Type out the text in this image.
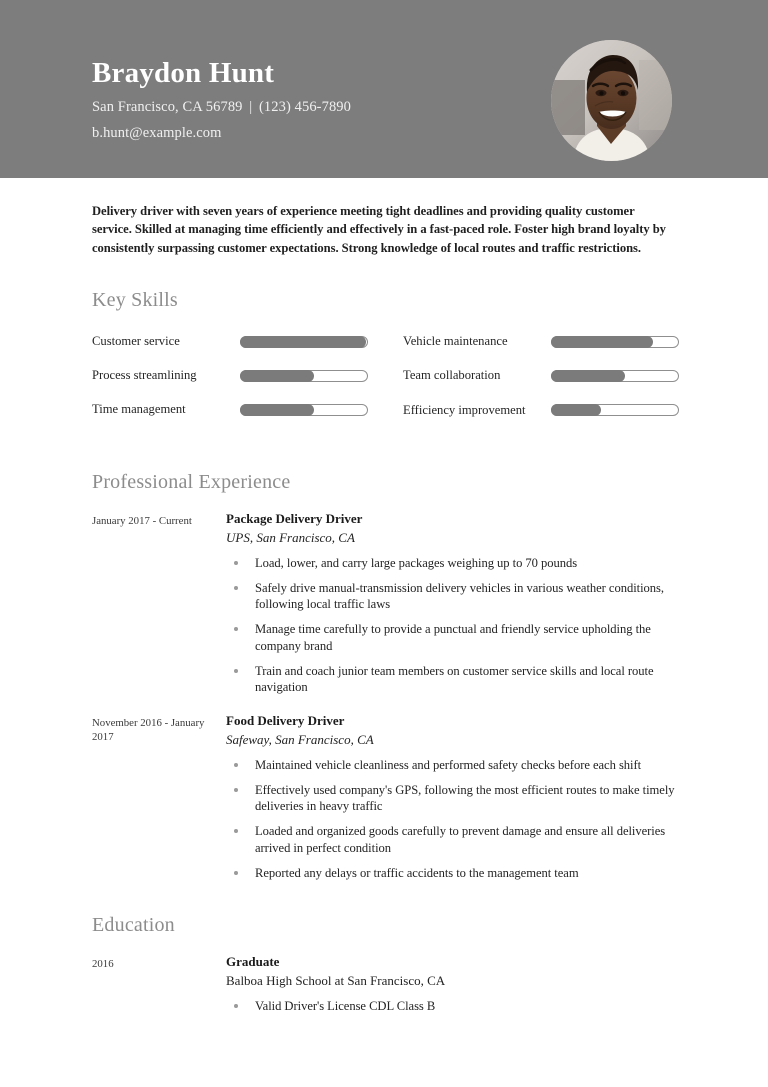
Braydon Hunt
San Francisco, CA 56789 | (123) 456-7890
b.hunt@example.com

Delivery driver with seven years of experience meeting tight deadlines and providing quality customer service. Skilled at managing time efficiently and effectively in a fast-paced role. Foster high brand loyalty by consistently surpassing customer expectations. Strong knowledge of local routes and traffic restrictions.

Key Skills
Customer service	Vehicle maintenance
Process streamlining	Team collaboration
Time management	Efficiency improvement
Professional Experience
January 2017 - Current	Package Delivery Driver
UPS, San Francisco, CA
Load, lower, and carry large packages weighing up to 70 pounds
Safely drive manual-transmission delivery vehicles in various weather conditions, following local traffic laws
Manage time carefully to provide a punctual and friendly service upholding the company brand
Train and coach junior team members on customer service skills and local route navigation
November 2016 - January 2017
Food Delivery Driver
Safeway, San Francisco, CA
Maintained vehicle cleanliness and performed safety checks before each shift
Effectively used company's GPS, following the most efficient routes to make timely deliveries in heavy traffic
Loaded and organized goods carefully to prevent damage and ensure all deliveries arrived in perfect condition
Reported any delays or traffic accidents to the management team
Education
2016	Graduate
Balboa High School at San Francisco, CA
Valid Driver's License CDL Class B
